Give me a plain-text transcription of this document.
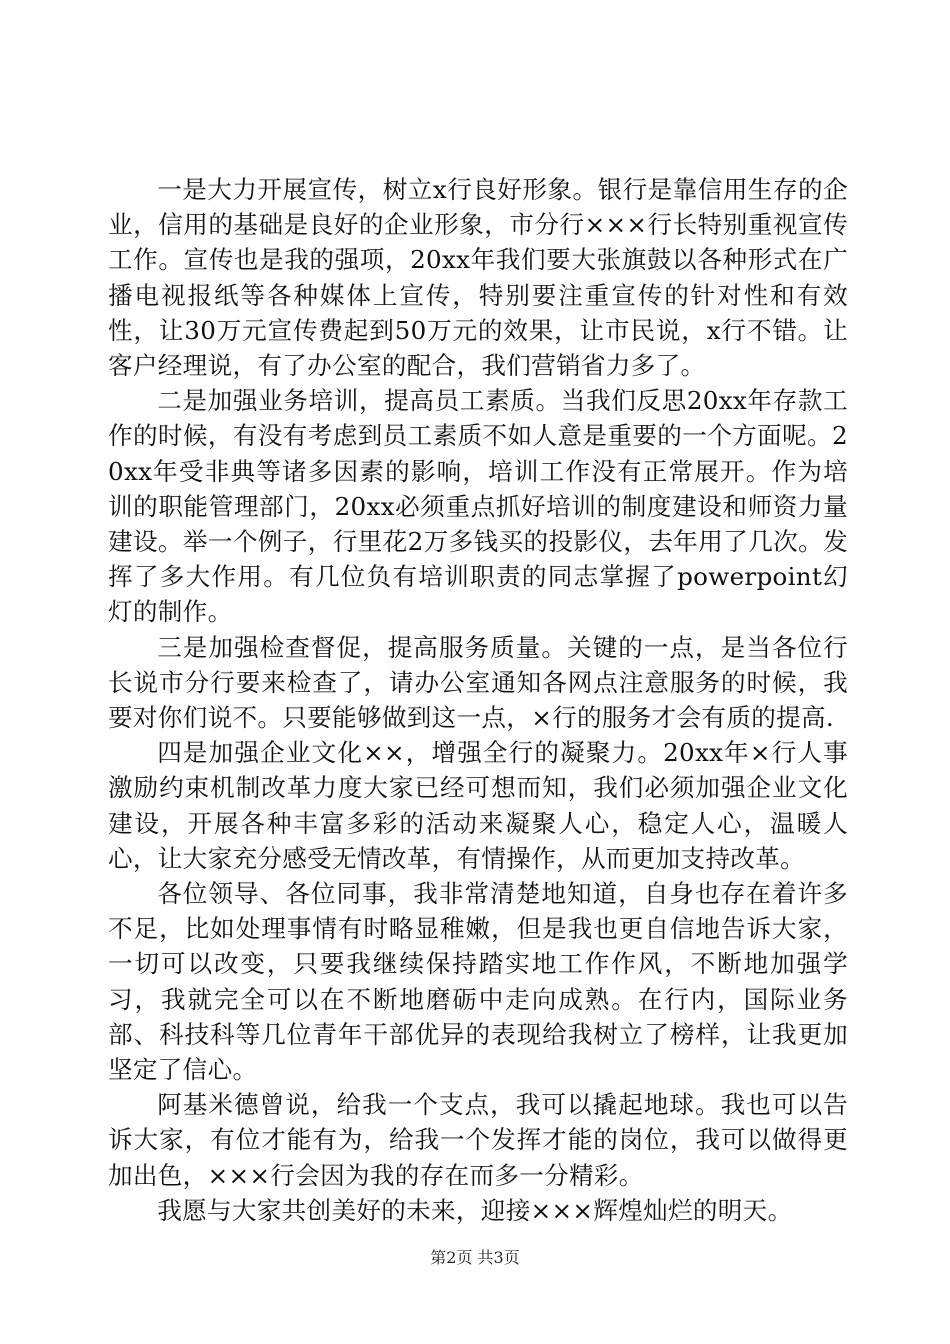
一是大力开展宣传，树立x行良好形象。银行是靠信用生存的企业，信用的基础是良好的企业形象，市分行×××行长特别重视宣传工作。宣传也是我的强项，20xx年我们要大张旗鼓以各种形式在广播电视报纸等各种媒体上宣传，特别要注重宣传的针对性和有效性，让30万元宣传费起到50万元的效果，让市民说，x行不错。让客户经理说，有了办公室的配合，我们营销省力多了。

二是加强业务培训，提高员工素质。当我们反思20xx年存款工作的时候，有没有考虑到员工素质不如人意是重要的一个方面呢。20xx年受非典等诸多因素的影响，培训工作没有正常展开。作为培训的职能管理部门，20xx必须重点抓好培训的制度建设和师资力量建设。举一个例子，行里花2万多钱买的投影仪，去年用了几次。发挥了多大作用。有几位负有培训职责的同志掌握了powerpoint幻灯的制作。

三是加强检查督促，提高服务质量。关键的一点，是当各位行长说市分行要来检查了，请办公室通知各网点注意服务的时候，我要对你们说不。只要能够做到这一点，×行的服务才会有质的提高.

四是加强企业文化××，增强全行的凝聚力。20xx年×行人事激励约束机制改革力度大家已经可想而知，我们必须加强企业文化建设，开展各种丰富多彩的活动来凝聚人心，稳定人心，温暖人心，让大家充分感受无情改革，有情操作，从而更加支持改革。

各位领导、各位同事，我非常清楚地知道，自身也存在着许多不足，比如处理事情有时略显稚嫩，但是我也更自信地告诉大家，一切可以改变，只要我继续保持踏实地工作作风，不断地加强学习，我就完全可以在不断地磨砺中走向成熟。在行内，国际业务部、科技科等几位青年干部优异的表现给我树立了榜样，让我更加坚定了信心。

阿基米德曾说，给我一个支点，我可以撬起地球。我也可以告诉大家，有位才能有为，给我一个发挥才能的岗位，我可以做得更加出色，×××行会因为我的存在而多一分精彩。

我愿与大家共创美好的未来，迎接×××辉煌灿烂的明天。

第2页 共3页
